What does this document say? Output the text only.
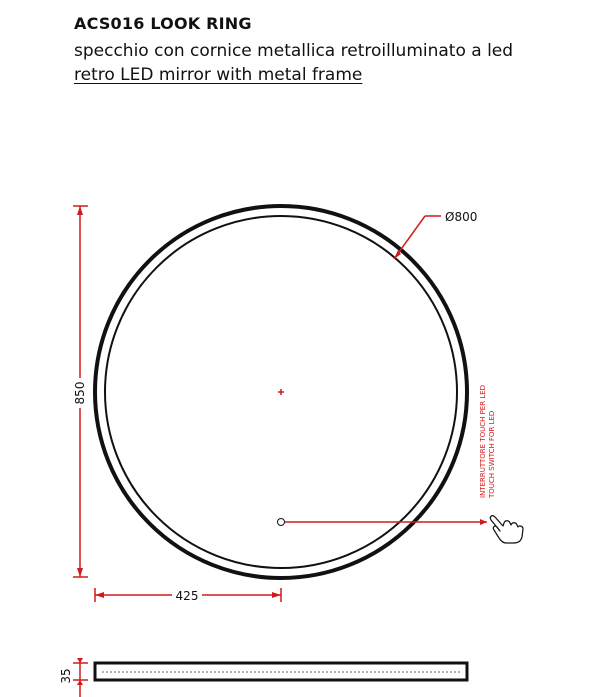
ACS016 LOOK RING
specchio con cornice metallica retroilluminato a led
retro LED mirror with metal frame
Ø800
850
425
INTERRUTTORE TOUCH PER LED TOUCH SWITCH FOR LED
35
